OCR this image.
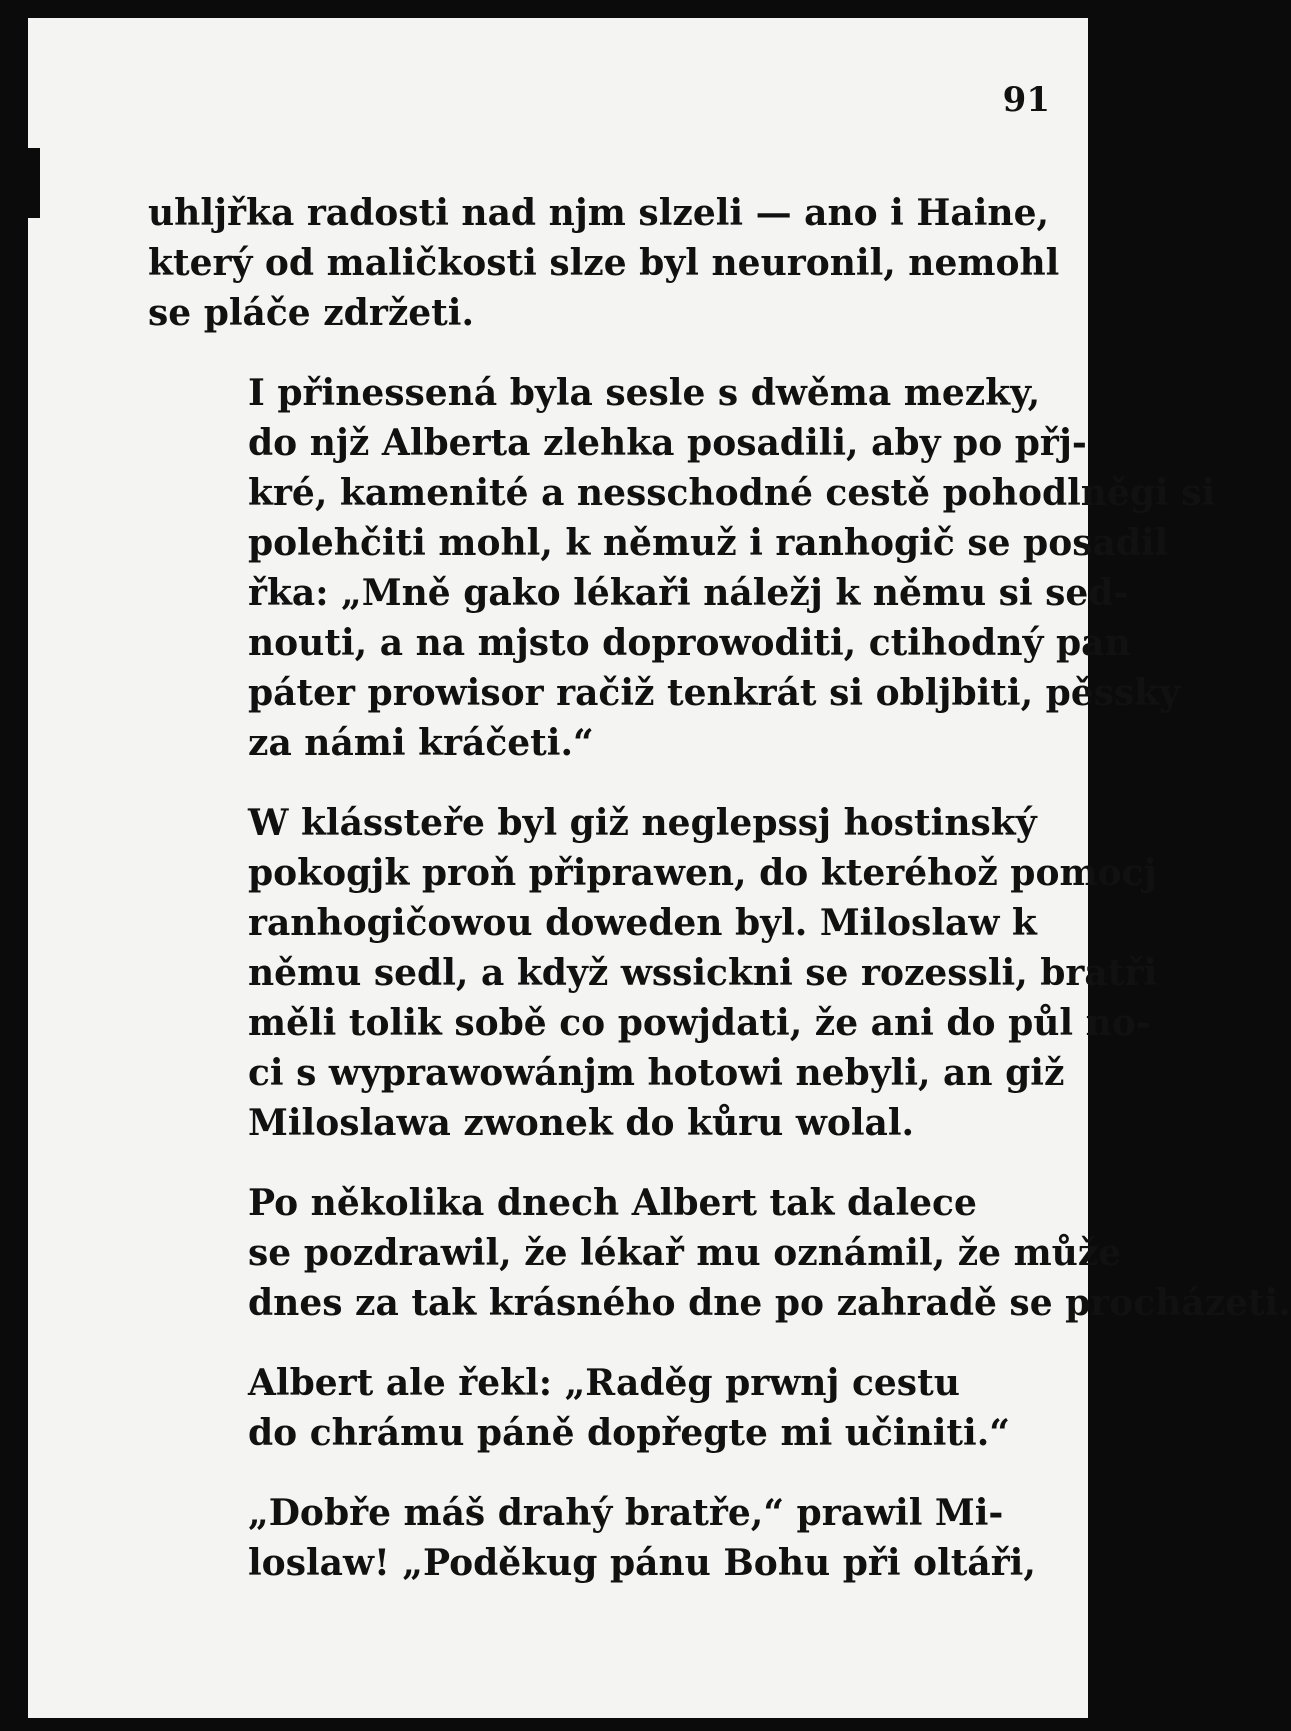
91
uhljřka radosti nad njm slzeli — ano i Haine,
který od maličkosti slze byl neuronil, nemohl
se pláče zdržeti.
I přinessená byla sesle s dwěma mezky,
do njž Alberta zlehka posadili, aby po přj-
kré, kamenité a nesschodné cestě pohodlněgi si
polehčiti mohl, k němuž i ranhogič se posadil
řka: „Mně gako lékaři náležj k němu si sed-
nouti, a na mjsto doprowoditi, ctihodný pan
páter prowisor račiž tenkrát si obljbiti, pěssky
za námi kráčeti.“
W klássteře byl giž neglepssj hostinský
pokogjk proň připrawen, do kteréhož pomocj
ranhogičowou doweden byl. Miloslaw k
němu sedl, a když wssickni se rozessli, bratři
měli tolik sobě co powjdati, že ani do půl no-
ci s wyprawowánjm hotowi nebyli, an giž
Miloslawa zwonek do kůru wolal.
Po několika dnech Albert tak dalece
se pozdrawil, že lékař mu oznámil, že může
dnes za tak krásného dne po zahradě se procházeti.
Albert ale řekl: „Raděg prwnj cestu
do chrámu páně dopřegte mi učiniti.“
„Dobře máš drahý bratře,“ prawil Mi-
loslaw! „Poděkug pánu Bohu při oltáři,
